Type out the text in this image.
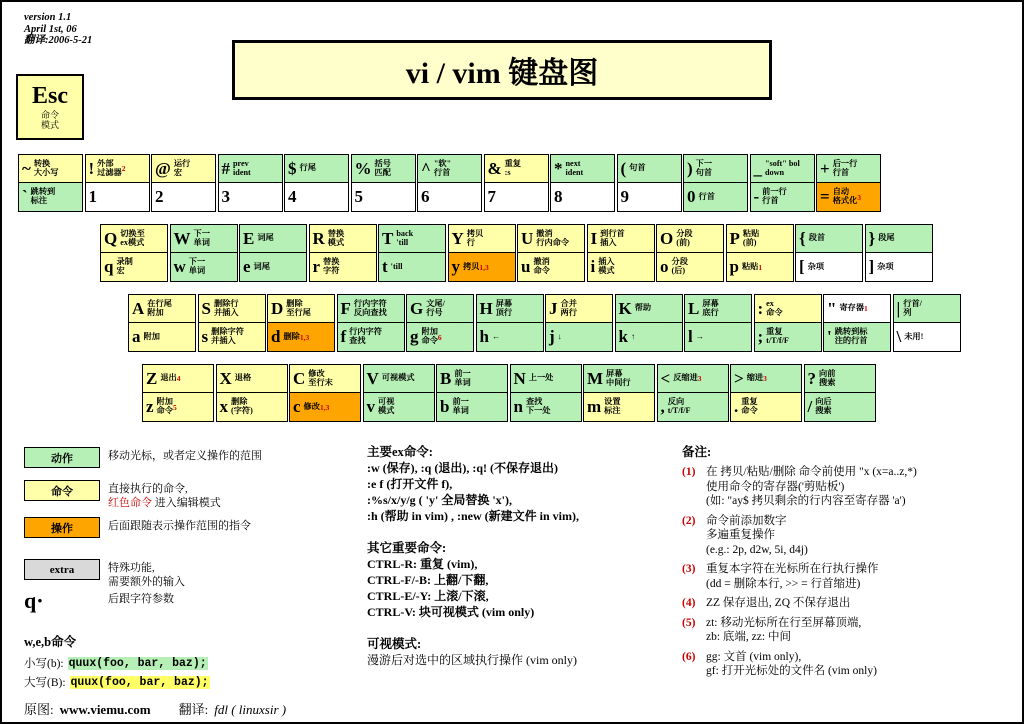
version 1.1
April 1st, 06
翻译:2006-5-21
vi / vim 键盘图
Esc
命令
模式
~ 转换
大小写
` 跳转到
标注
! 外部
过滤器 2
1
@ 运行
宏
2
# prev
ident
3
$ 行尾
4
% 括号
匹配
5
^ "软"
行首
6
& 重复
:s
7
* next
ident
8
( 句首
9
) 下一
句首
0 行首
_ "soft" bol
down
- 前一行
行首
+ 后一行
行首
= 自动
格式化 3
Q 切换至
ex模式
q 录制
宏
W 下一
单词
w 下一
单词
E 词尾
e 词尾
R 替换
模式
r 替换
字符
T back
'till
t 'till
Y 拷贝
行
y 拷贝 1,3
U 撤消
行内命令
u 撤消
命令
I 到行首
插入
i 插入
模式
O 分段
(前)
o 分段
(后)
P 粘贴
(前)
p 粘贴 1
{ 段首
[ 杂项
} 段尾
] 杂项
A 在行尾
附加
a 附加
S 删除行
并插入
s 删除字符
并插入
D 删除
至行尾
d 删除 1,3
F 行内字符
反向查找
f 行内字符
查找
G 文尾/
行号
g 附加
命令 6
H 屏幕
顶行
h ←
J 合并
两行
j ↓
K 帮助
k ↑
L 屏幕
底行
l →
: ex
命令
; 重复
t/T/f/F
" 寄存器 1
' 跳转到标
注的行首
| 行首/
列
\ 未用!
Z 退出 4
z 附加
命令 5
X 退格
x 删除
(字符)
C 修改
至行末
c 修改 1,3
V 可视模式
v 可视
模式
B 前一
单词
b 前一
单词
N 上一处
n 查找
下一处
M 屏幕
中间行
m 设置
标注
< 反缩进 3
, 反向
t/T/f/F
> 缩进 3
. 重复
命令
? 向前
搜索
/ 向后
搜索
动作	移动光标，或者定义操作的范围
命令	直接执行的命令,
红色命令 进入编辑模式
操作	后面跟随表示操作范围的指令
extra	特殊功能,
需要额外的输入
q·	后跟字符参数
w,e,b命令
小写(b): quux(foo, bar, baz);
大写(B): quux(foo, bar, baz);
主要ex命令:
:w (保存), :q (退出), :q! (不保存退出)
:e f (打开文件 f),
:%s/x/y/g ( 'y' 全局替换 'x'),
:h (帮助 in vim) , :new (新建文件 in vim),
其它重要命令:
CTRL-R: 重复 (vim),
CTRL-F/-B: 上翻/下翻,
CTRL-E/-Y: 上滚/下滚,
CTRL-V: 块可视模式 (vim only)
可视模式:
漫游后对选中的区域执行操作 (vim only)
备注:
(1) 在 拷贝/粘贴/删除 命令前使用 "x (x=a..z,*)
使用命令的寄存器('剪贴板')
(如: "ay$ 拷贝剩余的行内容至寄存器 'a')
(2) 命令前添加数字
多遍重复操作
(e.g.: 2p, d2w, 5i, d4j)
(3) 重复本字符在光标所在行执行操作
(dd = 删除本行, >> = 行首缩进)
(4) ZZ 保存退出, ZQ 不保存退出
(5) zt: 移动光标所在行至屏幕顶端,
zb: 底端, zz: 中间
(6) gg: 文首 (vim only),
gf: 打开光标处的文件名 (vim only)
原图: www.viemu.com 翻译: fdl ( linuxsir )
